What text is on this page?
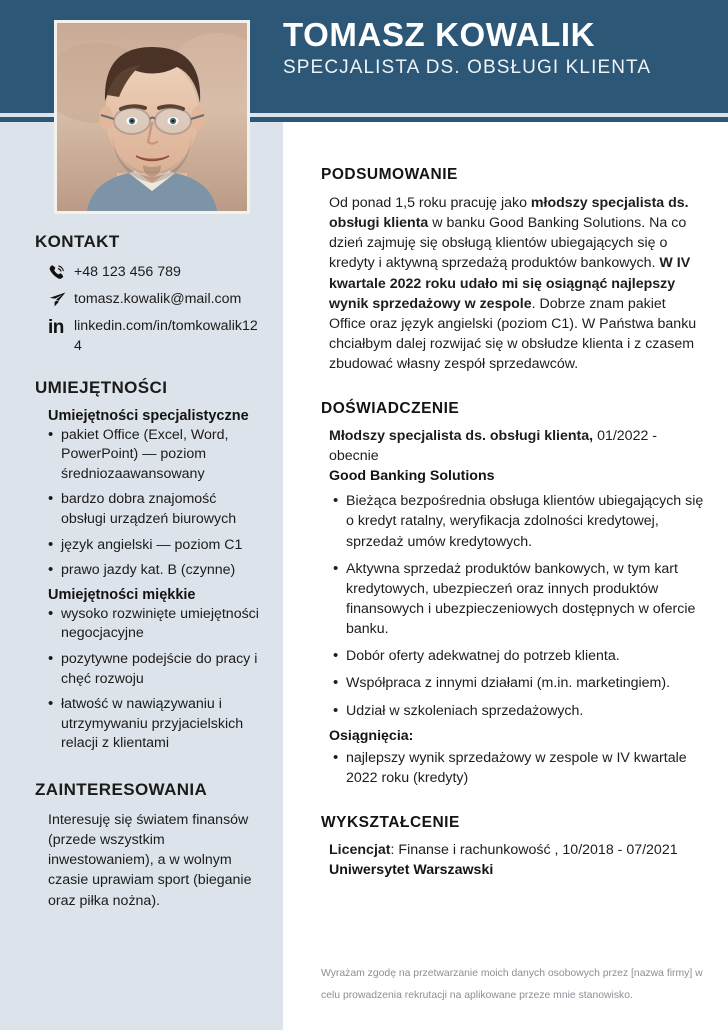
TOMASZ KOWALIK
SPECJALISTA DS. OBSŁUGI KLIENTA
KONTAKT
+48 123 456 789
tomasz.kowalik@mail.com
in linkedin.com/in/tomkowalik124
UMIEJĘTNOŚCI
Umiejętności specjalistyczne
• pakiet Office (Excel, Word, PowerPoint) — poziom średniozaawansowany
• bardzo dobra znajomość obsługi urządzeń biurowych
• język angielski — poziom C1
• prawo jazdy kat. B (czynne)
Umiejętności miękkie
• wysoko rozwinięte umiejętności negocjacyjne
• pozytywne podejście do pracy i chęć rozwoju
• łatwość w nawiązywaniu i utrzymywaniu przyjacielskich relacji z klientami
ZAINTERESOWANIA
Interesuję się światem finansów (przede wszystkim inwestowaniem), a w wolnym czasie uprawiam sport (bieganie oraz piłka nożna).
PODSUMOWANIE
Od ponad 1,5 roku pracuję jako młodszy specjalista ds. obsługi klienta w banku Good Banking Solutions. Na co dzień zajmuję się obsługą klientów ubiegających się o kredyty i aktywną sprzedażą produktów bankowych. W IV kwartale 2022 roku udało mi się osiągnąć najlepszy wynik sprzedażowy w zespole. Dobrze znam pakiet Office oraz język angielski (poziom C1). W Państwa banku chciałbym dalej rozwijać się w obsłudze klienta i z czasem zbudować własny zespół sprzedawców.
DOŚWIADCZENIE
Młodszy specjalista ds. obsługi klienta, 01/2022 - obecnie
Good Banking Solutions
• Bieżąca bezpośrednia obsługa klientów ubiegających się o kredyt ratalny, weryfikacja zdolności kredytowej, sprzedaż umów kredytowych.
• Aktywna sprzedaż produktów bankowych, w tym kart kredytowych, ubezpieczeń oraz innych produktów finansowych i ubezpieczeniowych dostępnych w ofercie banku.
• Dobór oferty adekwatnej do potrzeb klienta.
• Współpraca z innymi działami (m.in. marketingiem).
• Udział w szkoleniach sprzedażowych.
Osiągnięcia:
• najlepszy wynik sprzedażowy w zespole w IV kwartale 2022 roku (kredyty)
WYKSZTAŁCENIE
Licencjat: Finanse i rachunkowość , 10/2018 - 07/2021
Uniwersytet Warszawski
Wyrażam zgodę na przetwarzanie moich danych osobowych przez [nazwa firmy] w celu prowadzenia rekrutacji na aplikowane przeze mnie stanowisko.
